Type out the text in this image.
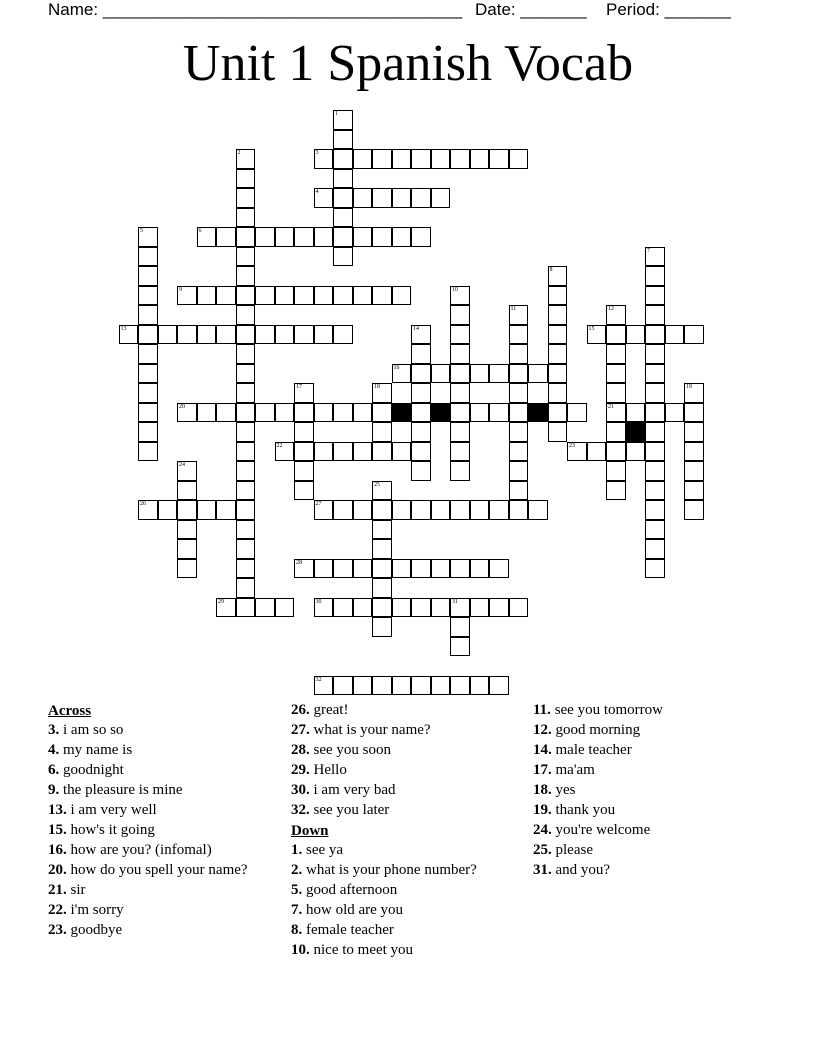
Name: ______________________________________ Date: _______ Period: _______
Unit 1 Spanish Vocab
1
2	3
4
5	6
7
8
9	10
11	12
21
13	14	15
16
17	18	19
20
22	23
24
25
26	27
28
29	30	31
32
Across
3. i am so so
4. my name is
6. goodnight
9. the pleasure is mine
13. i am very well
15. how's it going
16. how are you? (infomal)
20. how do you spell your name?
21. sir
22. i'm sorry
23. goodbye
26. great!
27. what is your name?
28. see you soon
29. Hello
30. i am very bad
32. see you later
Down
1. see ya
2. what is your phone number?
5. good afternoon
7. how old are you
8. female teacher
10. nice to meet you
11. see you tomorrow
12. good morning
14. male teacher
17. ma'am
18. yes
19. thank you
24. you're welcome
25. please
31. and you?
